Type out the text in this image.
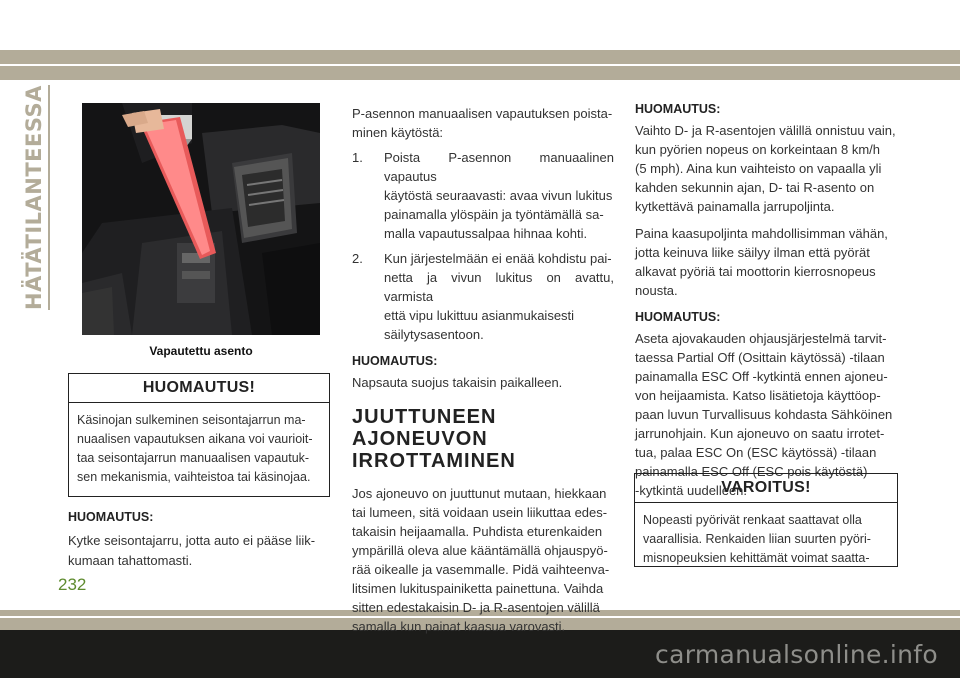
HÄTÄTILANTEESSA
Vapautettu asento
HUOMAUTUS!
Käsinojan sulkeminen seisontajarrun ma-
nuaalisen vapautuksen aikana voi vaurioit-
taa seisontajarrun manuaalisen vapautuk-
sen mekanismia, vaihteistoa tai käsinojaa.
HUOMAUTUS:
Kytke seisontajarru, jotta auto ei pääse liik-
kumaan tahattomasti.
P-asennon manuaalisen vapautuksen poista-
minen käytöstä:
1. Poista P-asennon manuaalinen vapautus
käytöstä seuraavasti: avaa vivun lukitus
painamalla ylöspäin ja työntämällä sa-
malla vapautussalpaa hihnaa kohti.
2. Kun järjestelmään ei enää kohdistu pai-
netta ja vivun lukitus on avattu, varmista
että vipu lukittuu asianmukaisesti
säilytysasentoon.
HUOMAUTUS:
Napsauta suojus takaisin paikalleen.
JUUTTUNEEN
AJONEUVON
IRROTTAMINEN
Jos ajoneuvo on juuttunut mutaan, hiekkaan
tai lumeen, sitä voidaan usein liikuttaa edes-
takaisin heijaamalla. Puhdista eturenkaiden
ympärillä oleva alue kääntämällä ohjauspyö-
rää oikealle ja vasemmalle. Pidä vaihteenva-
litsimen lukituspainiketta painettuna. Vaihda
sitten edestakaisin D- ja R-asentojen välillä
samalla kun painat kaasua varovasti.
HUOMAUTUS:
Vaihto D- ja R-asentojen välillä onnistuu vain,
kun pyörien nopeus on korkeintaan 8 km/h
(5 mph). Aina kun vaihteisto on vapaalla yli
kahden sekunnin ajan, D- tai R-asento on
kytkettävä painamalla jarrupoljinta.
Paina kaasupoljinta mahdollisimman vähän,
jotta keinuva liike säilyy ilman että pyörät
alkavat pyöriä tai moottorin kierrosnopeus
nousta.
HUOMAUTUS:
Aseta ajovakauden ohjausjärjestelmä tarvit-
taessa Partial Off (Osittain käytössä) -tilaan
painamalla ESC Off -kytkintä ennen ajoneu-
von heijaamista. Katso lisätietoja käyttöop-
paan luvun Turvallisuus kohdasta Sähköinen
jarrunohjain. Kun ajoneuvo on saatu irrotet-
tua, palaa ESC On (ESC käytössä) -tilaan
painamalla ESC Off (ESC pois käytöstä)
-kytkintä uudelleen.
VAROITUS!
Nopeasti pyörivät renkaat saattavat olla
vaarallisia. Renkaiden liian suurten pyöri-
misnopeuksien kehittämät voimat saatta-
232
carmanualsonline.info
